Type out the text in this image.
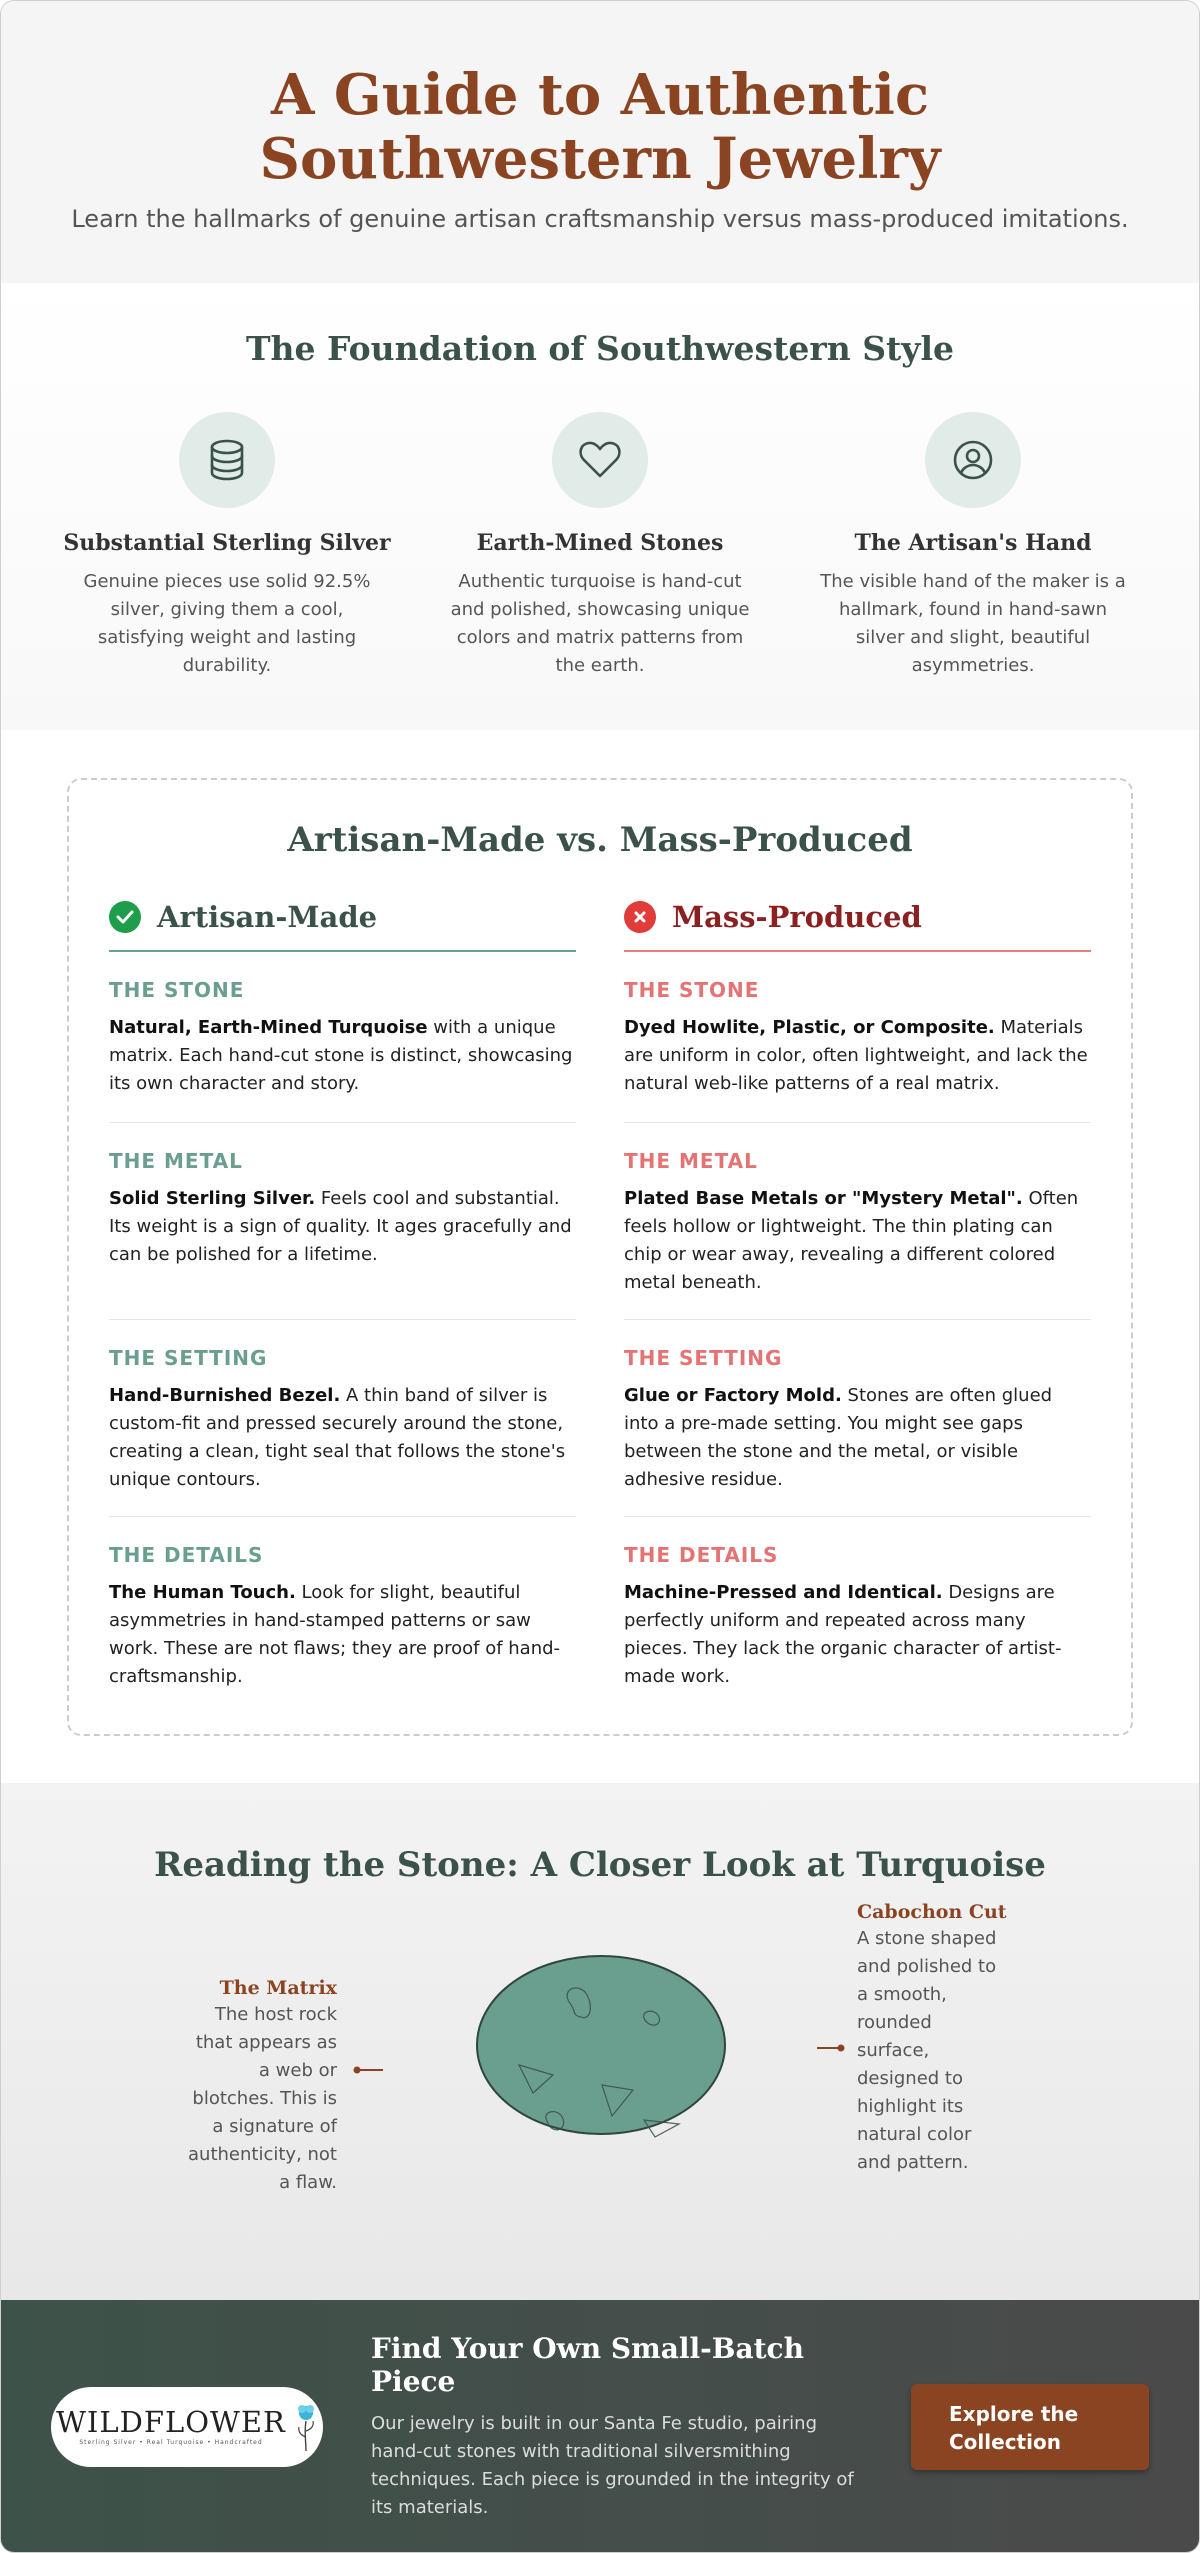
A Guide to Authentic Southwestern Jewelry

Learn the hallmarks of genuine artisan craftsmanship versus mass-produced imitations.

The Foundation of Southwestern Style
Substantial Sterling Silver

Genuine pieces use solid 92.5% silver, giving them a cool, satisfying weight and lasting durability.

Earth-Mined Stones

Authentic turquoise is hand-cut and polished, showcasing unique colors and matrix patterns from the earth.

The Artisan's Hand

The visible hand of the maker is a hallmark, found in hand-sawn silver and slight, beautiful asymmetries.

Artisan-Made vs. Mass-Produced
Artisan-Made
THE STONE

Natural, Earth-Mined Turquoise with a unique matrix. Each hand-cut stone is distinct, showcasing its own character and story.

THE METAL

Solid Sterling Silver. Feels cool and substantial. Its weight is a sign of quality. It ages gracefully and can be polished for a lifetime.

THE SETTING

Hand-Burnished Bezel. A thin band of silver is custom-fit and pressed securely around the stone, creating a clean, tight seal that follows the stone's unique contours.

THE DETAILS

The Human Touch. Look for slight, beautiful asymmetries in hand-stamped patterns or saw work. These are not flaws; they are proof of hand-craftsmanship.

Mass-Produced
THE STONE

Dyed Howlite, Plastic, or Composite. Materials are uniform in color, often lightweight, and lack the natural web-like patterns of a real matrix.

THE METAL

Plated Base Metals or "Mystery Metal". Often feels hollow or lightweight. The thin plating can chip or wear away, revealing a different colored metal beneath.

THE SETTING

Glue or Factory Mold. Stones are often glued into a pre-made setting. You might see gaps between the stone and the metal, or visible adhesive residue.

THE DETAILS

Machine-Pressed and Identical. Designs are perfectly uniform and repeated across many pieces. They lack the organic character of artist-made work.

Reading the Stone: A Closer Look at Turquoise
The Matrix

The host rock that appears as a web or blotches. This is a signature of authenticity, not a flaw.

Cabochon Cut

A stone shaped and polished to a smooth, rounded surface, designed to highlight its natural color and pattern.

WILDFLOWER
Sterling Silver • Real Turquoise • Handcrafted
Find Your Own Small-Batch Piece

Our jewelry is built in our Santa Fe studio, pairing hand-cut stones with traditional silversmithing techniques. Each piece is grounded in the integrity of its materials.

Explore the Collection
